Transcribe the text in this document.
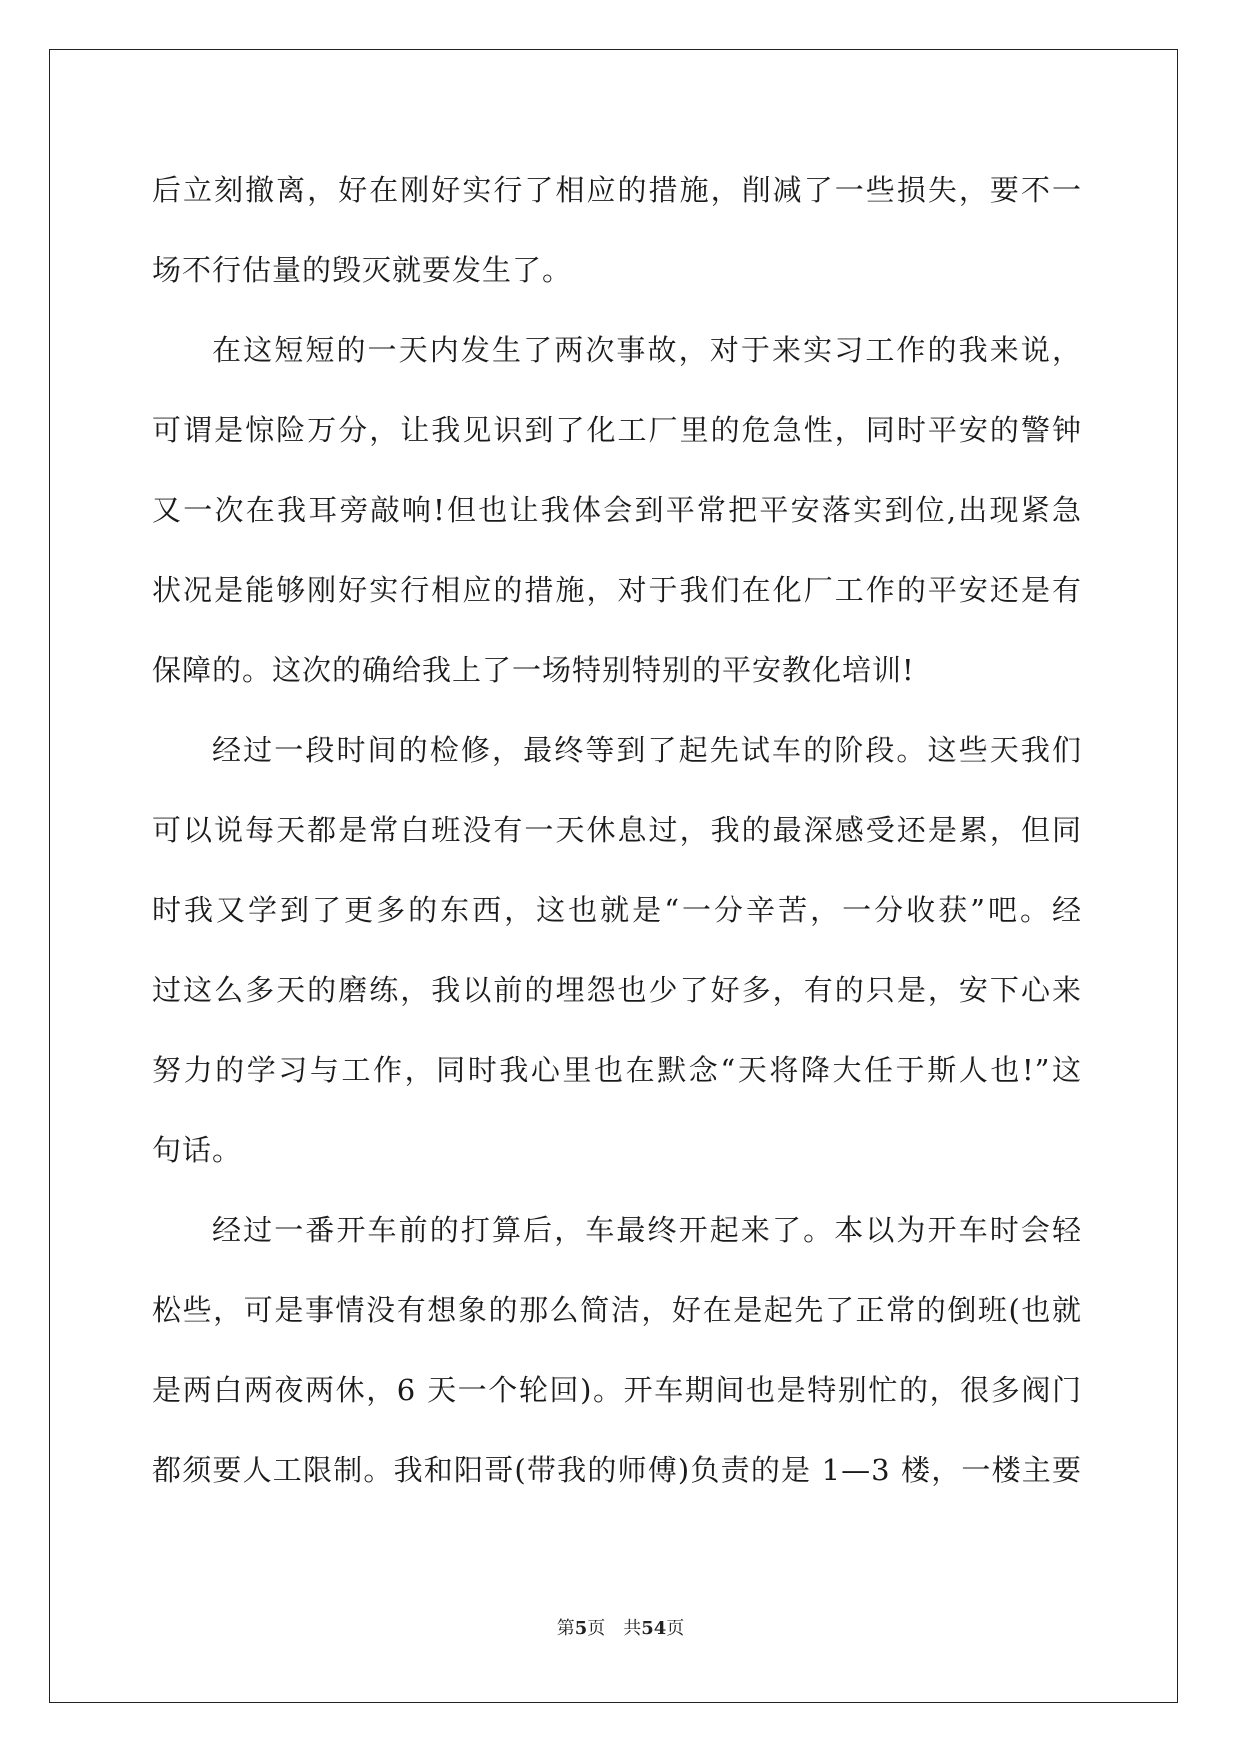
后立刻撤离，好在刚好实行了相应的措施，削减了一些损失，要不一
场不行估量的毁灭就要发生了。
在这短短的一天内发生了两次事故，对于来实习工作的我来说，
可谓是惊险万分，让我见识到了化工厂里的危急性，同时平安的警钟
又一次在我耳旁敲响!但也让我体会到平常把平安落实到位,出现紧急
状况是能够刚好实行相应的措施，对于我们在化厂工作的平安还是有
保障的。这次的确给我上了一场特别特别的平安教化培训!
经过一段时间的检修，最终等到了起先试车的阶段。这些天我们
可以说每天都是常白班没有一天休息过，我的最深感受还是累，但同
时我又学到了更多的东西，这也就是“一分辛苦，一分收获”吧。经
过这么多天的磨练，我以前的埋怨也少了好多，有的只是，安下心来
努力的学习与工作，同时我心里也在默念“天将降大任于斯人也!”这
句话。
经过一番开车前的打算后，车最终开起来了。本以为开车时会轻
松些，可是事情没有想象的那么简洁，好在是起先了正常的倒班(也就
是两白两夜两休，6 天一个轮回)。开车期间也是特别忙的，很多阀门
都须要人工限制。我和阳哥(带我的师傅)负责的是 1—3 楼，一楼主要
第5页 共54页
